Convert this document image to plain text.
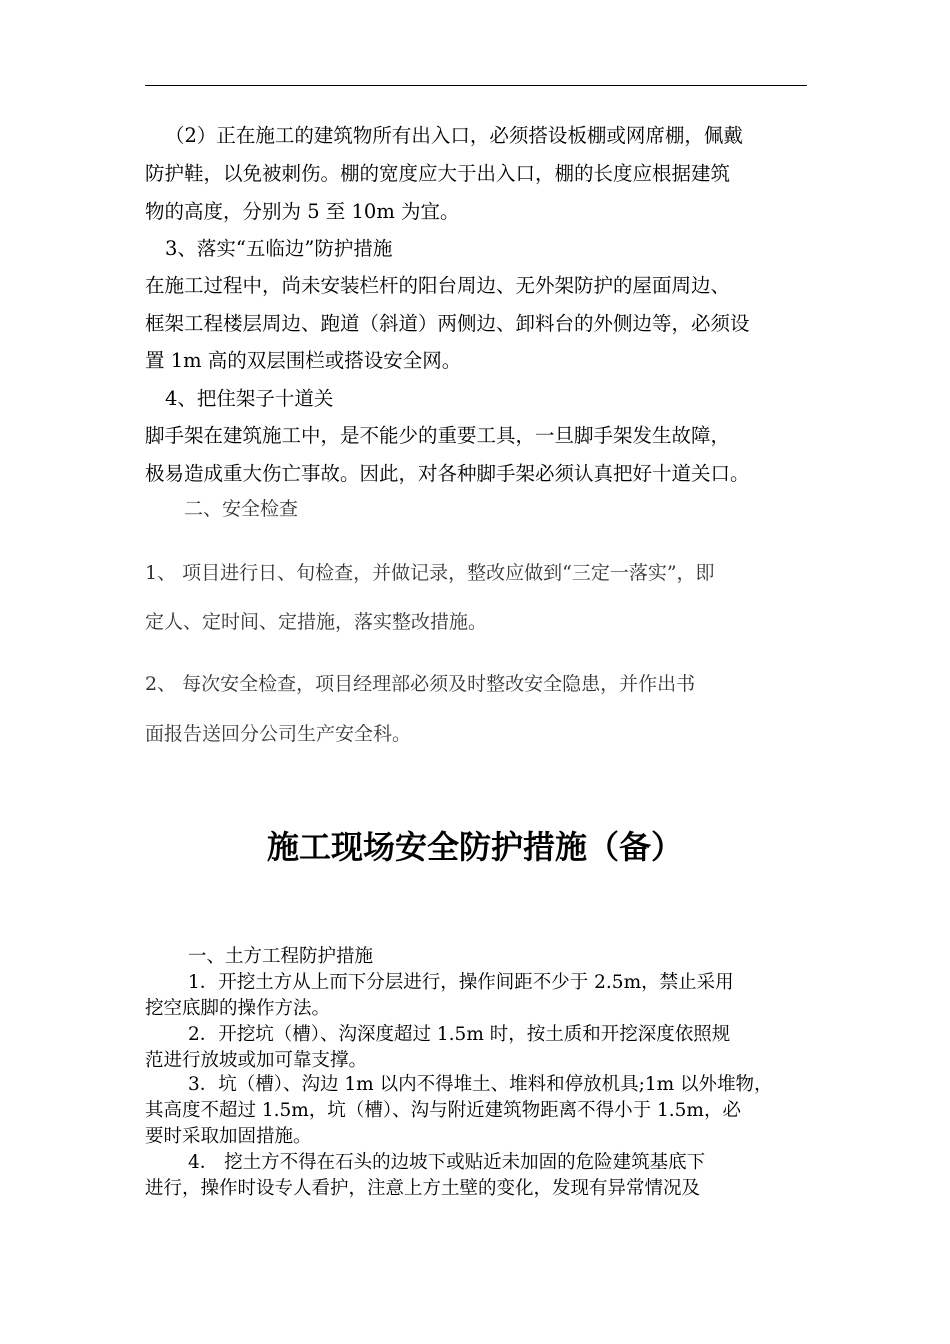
（2）正在施工的建筑物所有出入口，必须搭设板棚或网席棚，佩戴
防护鞋，以免被刺伤。棚的宽度应大于出入口，棚的长度应根据建筑
物的高度，分别为 5 至 10m 为宜。
3、落实“五临边”防护措施
在施工过程中，尚未安装栏杆的阳台周边、无外架防护的屋面周边、
框架工程楼层周边、跑道（斜道）两侧边、卸料台的外侧边等，必须设
置 1m 高的双层围栏或搭设安全网。
4、把住架子十道关
脚手架在建筑施工中，是不能少的重要工具，一旦脚手架发生故障，
极易造成重大伤亡事故。因此，对各种脚手架必须认真把好十道关口。
二、安全检查
1、 项目进行日、旬检查，并做记录，整改应做到“三定一落实”，即
定人、定时间、定措施，落实整改措施。
2、 每次安全检查，项目经理部必须及时整改安全隐患，并作出书
面报告送回分公司生产安全科。
施工现场安全防护措施（备）
一、土方工程防护措施
1．开挖土方从上而下分层进行，操作间距不少于 2.5m，禁止采用
挖空底脚的操作方法。
2．开挖坑（槽）、沟深度超过 1.5m 时，按土质和开挖深度依照规
范进行放坡或加可靠支撑。
3．坑（槽）、沟边 1m 以内不得堆土、堆料和停放机具;1m 以外堆物，
其高度不超过 1.5m，坑（槽）、沟与附近建筑物距离不得小于 1.5m，必
要时采取加固措施。
4． 挖土方不得在石头的边坡下或贴近未加固的危险建筑基底下
进行，操作时设专人看护，注意上方土壁的变化，发现有异常情况及
